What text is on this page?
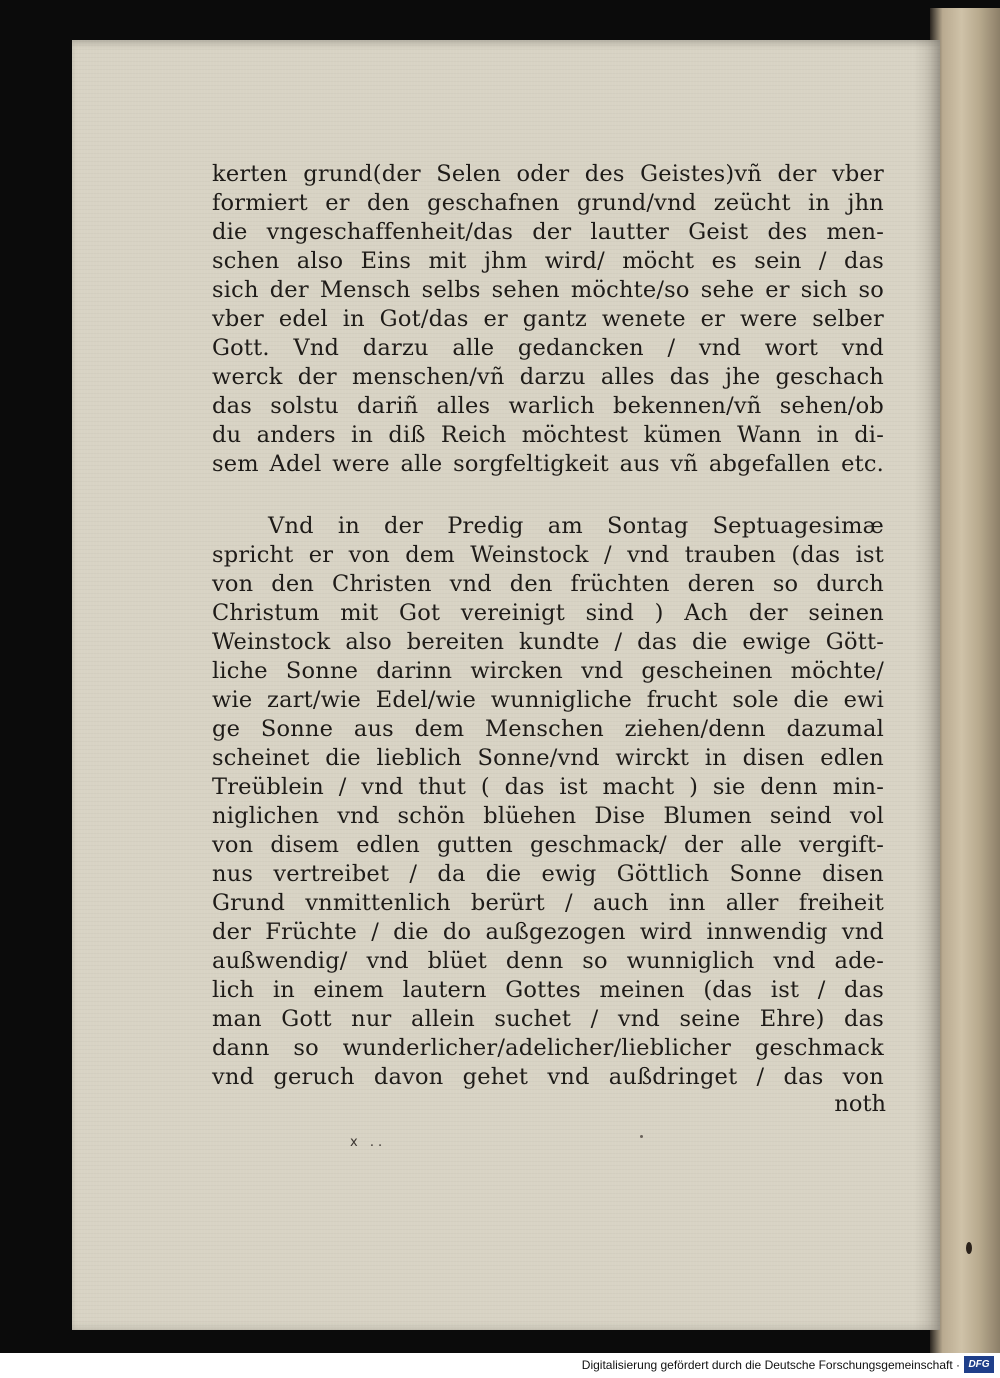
kerten grund(der Selen oder des Geistes)vñ der vber
formiert er den geschafnen grund/vnd zeücht in jhn
die vngeschaffenheit/das der lautter Geist des men-
schen also Eins mit jhm wird/ möcht es sein / das
sich der Mensch selbs sehen möchte/so sehe er sich so
vber edel in Got/das er gantz wenete er were selber
Gott. Vnd darzu alle gedancken / vnd wort vnd
werck der menschen/vñ darzu alles das jhe geschach
das solstu dariñ alles warlich bekennen/vñ sehen/ob
du anders in diß Reich möchtest kümen Wann in di-
sem Adel were alle sorgfeltigkeit aus vñ abgefallen etc.
Vnd in der Predig am Sontag Septuagesimæ
spricht er von dem Weinstock / vnd trauben (das ist
von den Christen vnd den früchten deren so durch
Christum mit Got vereinigt sind ) Ach der seinen
Weinstock also bereiten kundte / das die ewige Gött-
liche Sonne darinn wircken vnd gescheinen möchte/
wie zart/wie Edel/wie wunnigliche frucht sole die ewi
ge Sonne aus dem Menschen ziehen/denn dazumal
scheinet die lieblich Sonne/vnd wirckt in disen edlen
Treüblein / vnd thut ( das ist macht ) sie denn min-
niglichen vnd schön blüehen Dise Blumen seind vol
von disem edlen gutten geschmack/ der alle vergift-
nus vertreibet / da die ewig Göttlich Sonne disen
Grund vnmittenlich berürt / auch inn aller freiheit
der Früchte / die do außgezogen wird innwendig vnd
außwendig/ vnd blüet denn so wunniglich vnd ade-
lich in einem lautern Gottes meinen (das ist / das
man Gott nur allein suchet / vnd seine Ehre) das
dann so wunderlicher/adelicher/lieblicher geschmack
vnd geruch davon gehet vnd außdringet / das von
noth
x ..
Digitalisierung gefördert durch die Deutsche Forschungsgemeinschaft · DFG
